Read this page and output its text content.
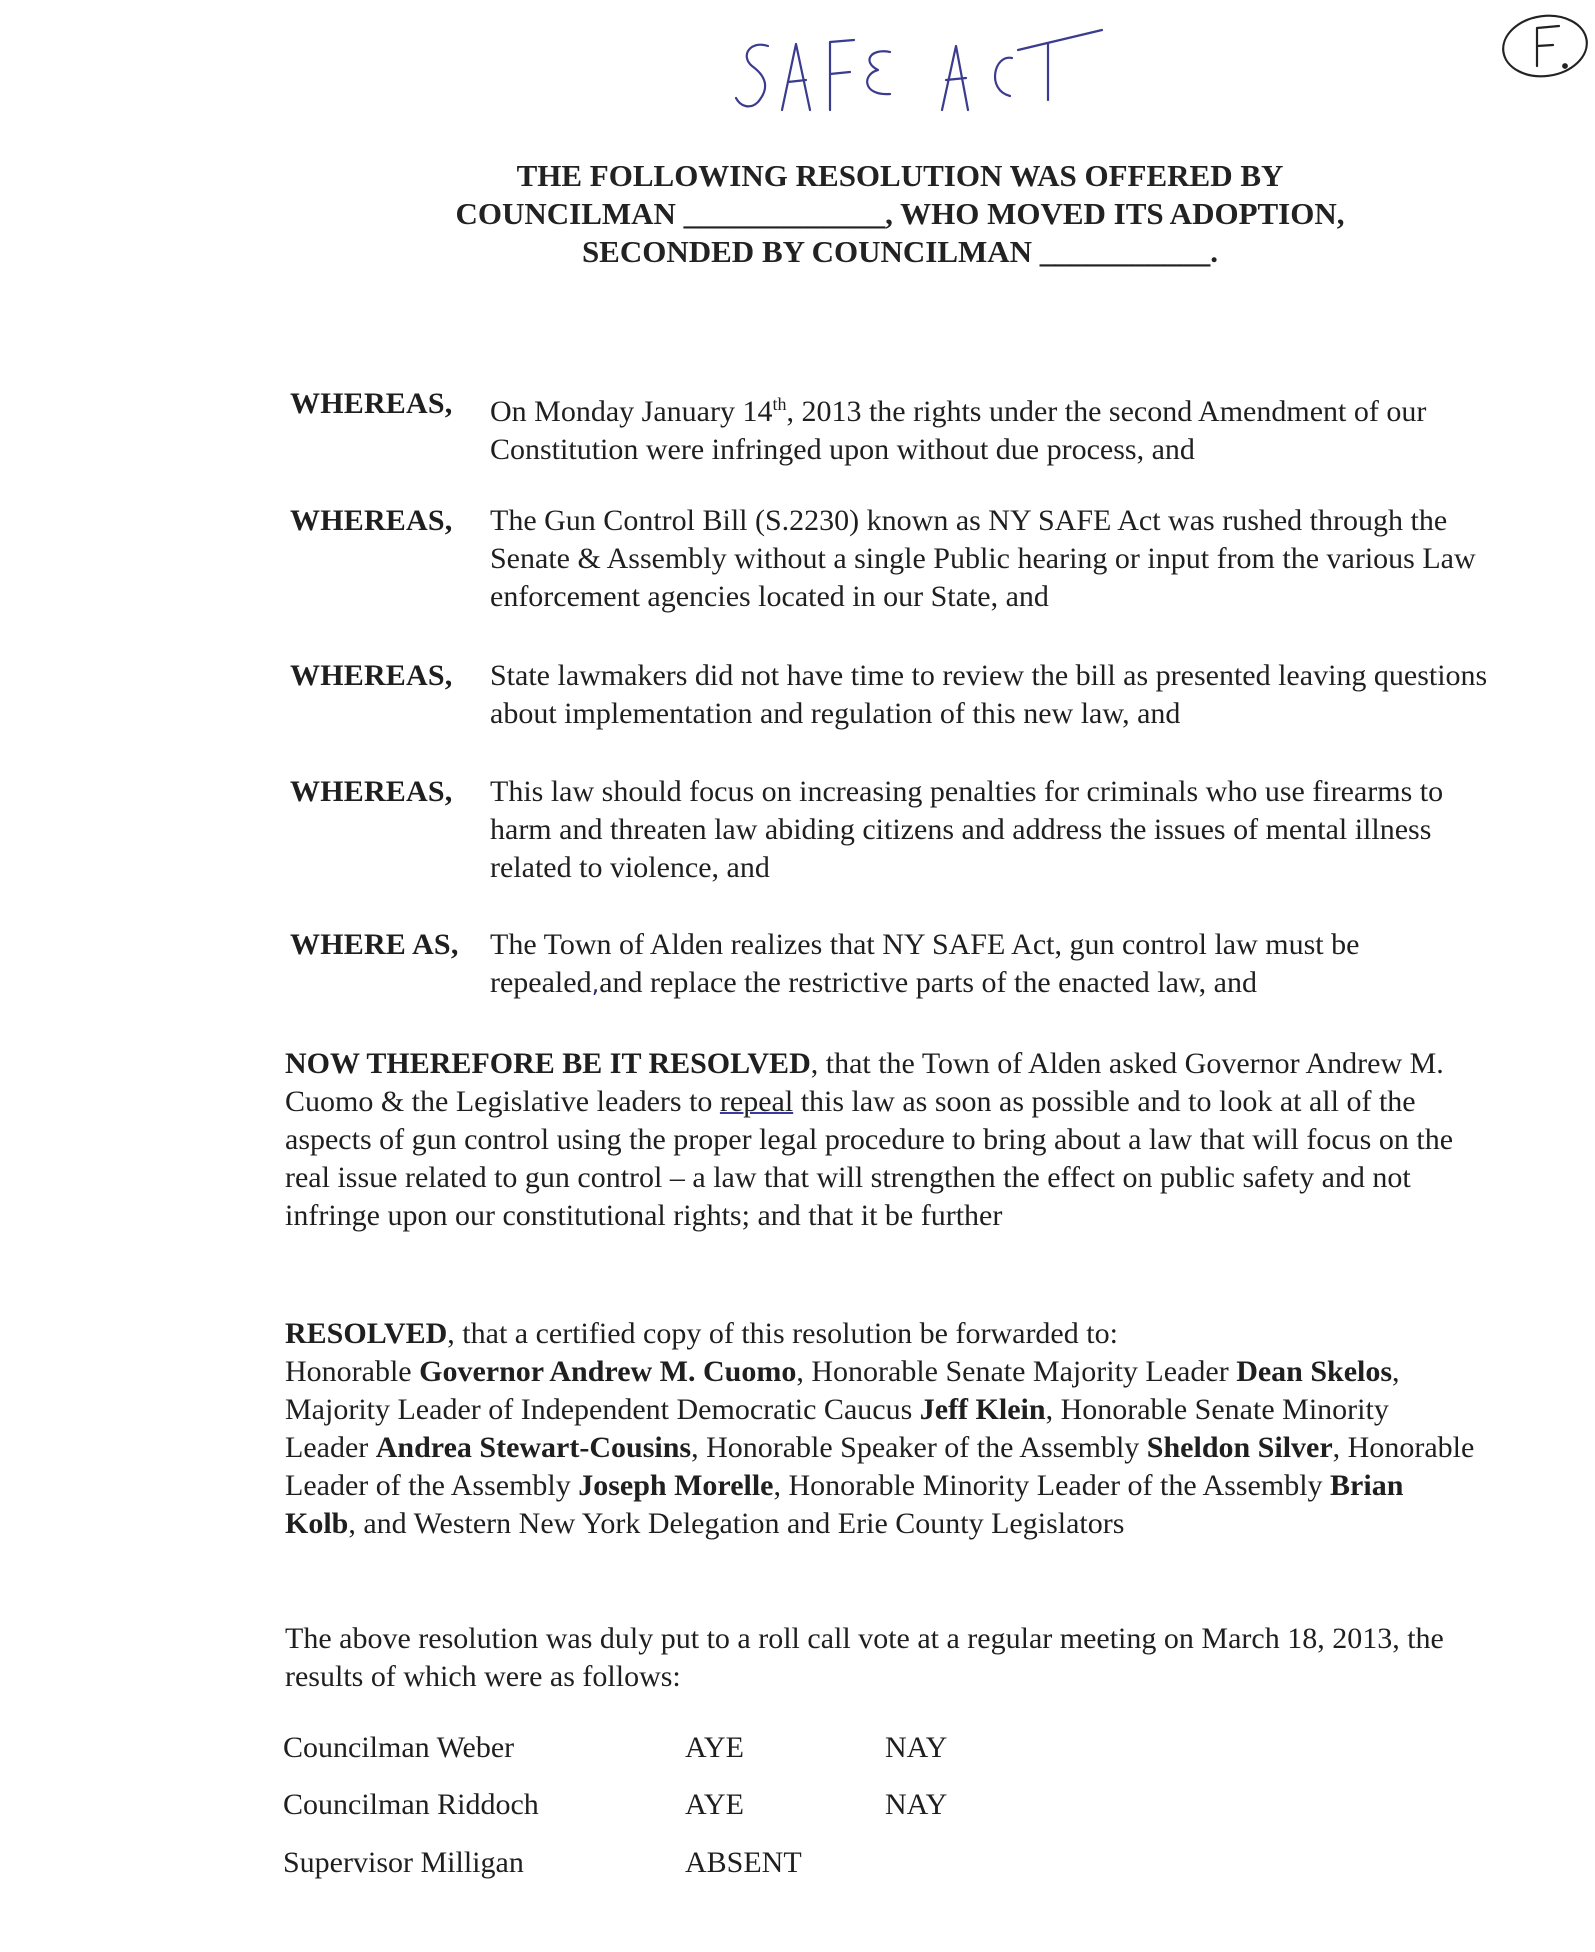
THE FOLLOWING RESOLUTION WAS OFFERED BY
COUNCILMAN _____________, WHO MOVED ITS ADOPTION,
SECONDED BY COUNCILMAN ___________.
WHEREAS, On Monday January 14th, 2013 the rights under the second Amendment of our Constitution were infringed upon without due process, and
WHEREAS, The Gun Control Bill (S.2230) known as NY SAFE Act was rushed through the Senate & Assembly without a single Public hearing or input from the various Law enforcement agencies located in our State, and
WHEREAS, State lawmakers did not have time to review the bill as presented leaving questions about implementation and regulation of this new law, and
WHEREAS, This law should focus on increasing penalties for criminals who use firearms to harm and threaten law abiding citizens and address the issues of mental illness related to violence, and
WHERE AS, The Town of Alden realizes that NY SAFE Act, gun control law must be repealed,and replace the restrictive parts of the enacted law, and
NOW THEREFORE BE IT RESOLVED, that the Town of Alden asked Governor Andrew M. Cuomo & the Legislative leaders to repeal this law as soon as possible and to look at all of the aspects of gun control using the proper legal procedure to bring about a law that will focus on the real issue related to gun control – a law that will strengthen the effect on public safety and not infringe upon our constitutional rights; and that it be further
RESOLVED, that a certified copy of this resolution be forwarded to:
Honorable Governor Andrew M. Cuomo, Honorable Senate Majority Leader Dean Skelos, Majority Leader of Independent Democratic Caucus Jeff Klein, Honorable Senate Minority Leader Andrea Stewart-Cousins, Honorable Speaker of the Assembly Sheldon Silver, Honorable Leader of the Assembly Joseph Morelle, Honorable Minority Leader of the Assembly Brian Kolb, and Western New York Delegation and Erie County Legislators
The above resolution was duly put to a roll call vote at a regular meeting on March 18, 2013, the results of which were as follows:
Councilman Weber	AYE	NAY
Councilman Riddoch	AYE	NAY
Supervisor Milligan	ABSENT
